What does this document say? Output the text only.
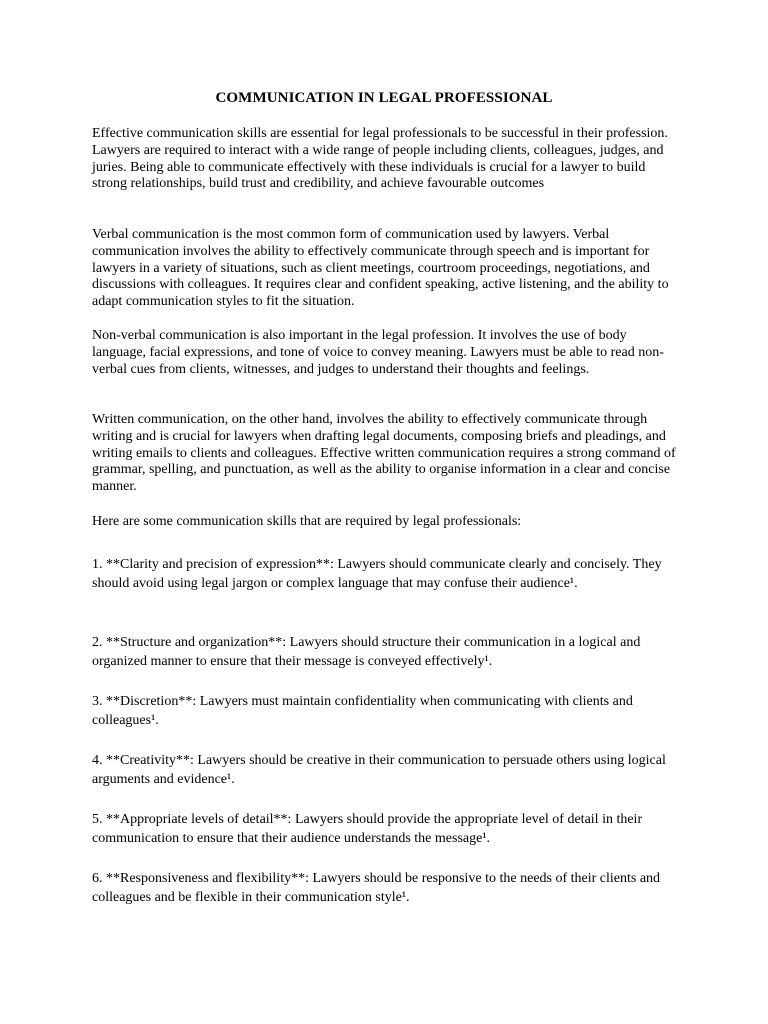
COMMUNICATION IN LEGAL PROFESSIONAL

Effective communication skills are essential for legal professionals to be successful in their profession. Lawyers are required to interact with a wide range of people including clients, colleagues, judges, and juries. Being able to communicate effectively with these individuals is crucial for a lawyer to build strong relationships, build trust and credibility, and achieve favourable outcomes

Verbal communication is the most common form of communication used by lawyers. Verbal communication involves the ability to effectively communicate through speech and is important for lawyers in a variety of situations, such as client meetings, courtroom proceedings, negotiations, and discussions with colleagues. It requires clear and confident speaking, active listening, and the ability to adapt communication styles to fit the situation.

Non-verbal communication is also important in the legal profession. It involves the use of body language, facial expressions, and tone of voice to convey meaning. Lawyers must be able to read non-verbal cues from clients, witnesses, and judges to understand their thoughts and feelings.

Written communication, on the other hand, involves the ability to effectively communicate through writing and is crucial for lawyers when drafting legal documents, composing briefs and pleadings, and writing emails to clients and colleagues. Effective written communication requires a strong command of grammar, spelling, and punctuation, as well as the ability to organise information in a clear and concise manner.

Here are some communication skills that are required by legal professionals:

1. **Clarity and precision of expression**: Lawyers should communicate clearly and concisely. They should avoid using legal jargon or complex language that may confuse their audience¹.

2. **Structure and organization**: Lawyers should structure their communication in a logical and organized manner to ensure that their message is conveyed effectively¹.

3. **Discretion**: Lawyers must maintain confidentiality when communicating with clients and colleagues¹.

4. **Creativity**: Lawyers should be creative in their communication to persuade others using logical arguments and evidence¹.

5. **Appropriate levels of detail**: Lawyers should provide the appropriate level of detail in their communication to ensure that their audience understands the message¹.

6. **Responsiveness and flexibility**: Lawyers should be responsive to the needs of their clients and colleagues and be flexible in their communication style¹.
